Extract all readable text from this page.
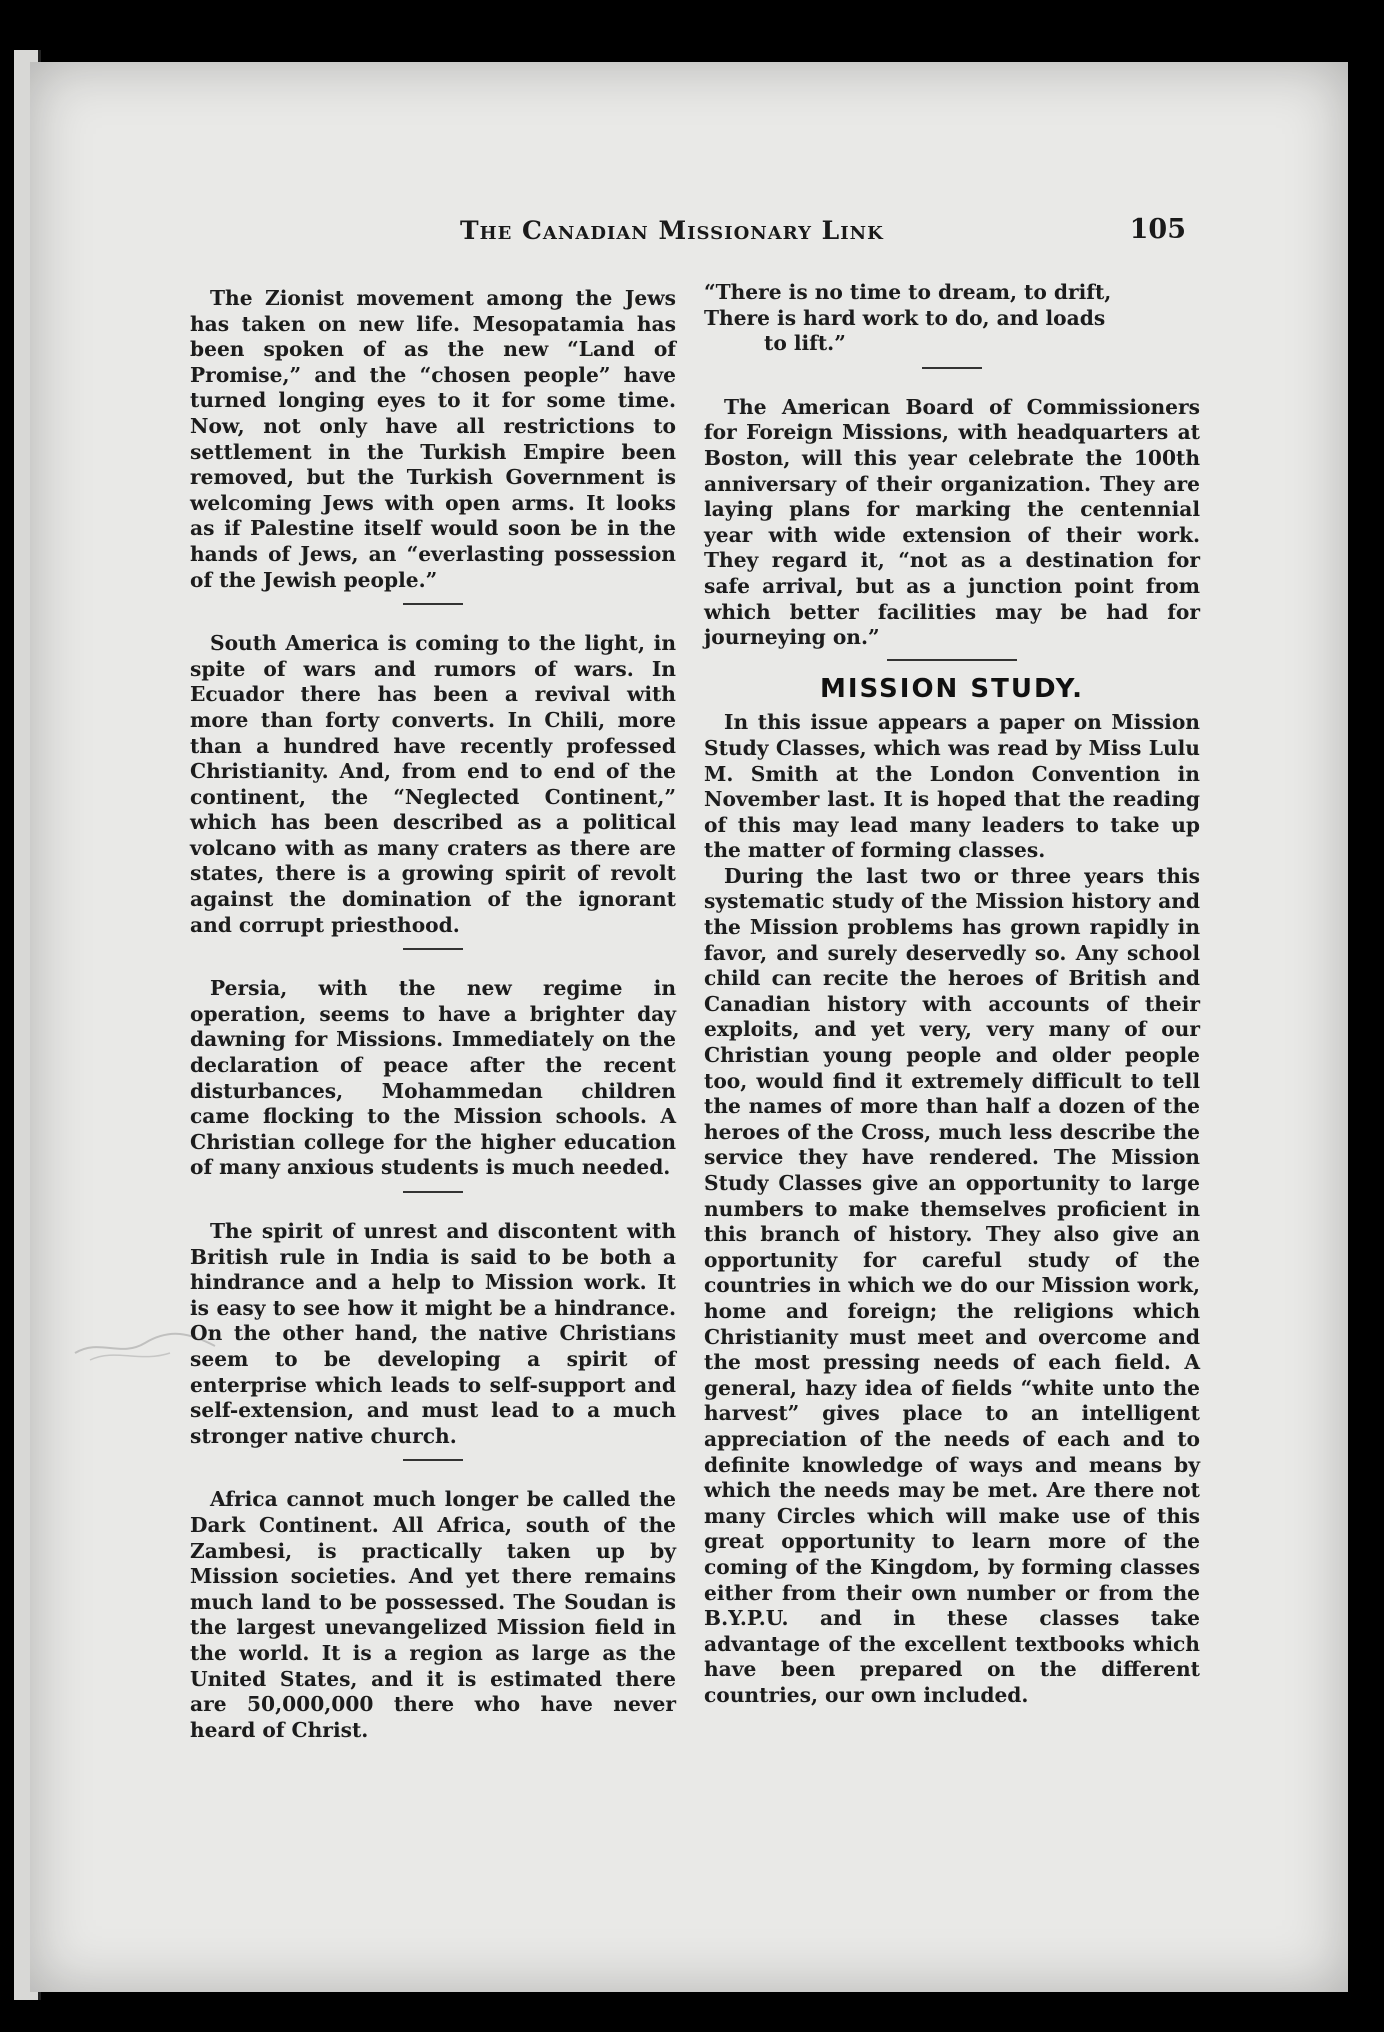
The Canadian Missionary Link	105

The Zionist movement among the Jews has taken on new life. Mesopatamia has been spoken of as the new “Land of Promise,” and the “chosen people” have turned longing eyes to it for some time. Now, not only have all restrictions to settlement in the Turkish Empire been removed, but the Turkish Government is welcoming Jews with open arms. It looks as if Palestine itself would soon be in the hands of Jews, an “everlasting possession of the Jewish people.”

South America is coming to the light, in spite of wars and rumors of wars. In Ecuador there has been a revival with more than forty converts. In Chili, more than a hundred have recently professed Christianity. And, from end to end of the continent, the “Neglected Continent,” which has been described as a political volcano with as many craters as there are states, there is a growing spirit of revolt against the domination of the ignorant and corrupt priesthood.

Persia, with the new regime in operation, seems to have a brighter day dawning for Missions. Immediately on the declaration of peace after the recent disturbances, Mohammedan children came flocking to the Mission schools. A Christian college for the higher education of many anxious students is much needed.

The spirit of unrest and discontent with British rule in India is said to be both a hindrance and a help to Mission work. It is easy to see how it might be a hindrance. On the other hand, the native Christians seem to be developing a spirit of enterprise which leads to self-support and self-extension, and must lead to a much stronger native church.

Africa cannot much longer be called the Dark Continent. All Africa, south of the Zambesi, is practically taken up by Mission societies. And yet there remains much land to be possessed. The Soudan is the largest unevangelized Mission field in the world. It is a region as large as the United States, and it is estimated there are 50,000,000 there who have never heard of Christ.

“There is no time to dream, to drift,
There is hard work to do, and loads
to lift.”

The American Board of Commissioners for Foreign Missions, with headquarters at Boston, will this year celebrate the 100th anniversary of their organization. They are laying plans for marking the centennial year with wide extension of their work. They regard it, “not as a destination for safe arrival, but as a junction point from which better facilities may be had for journeying on.”

MISSION STUDY.

In this issue appears a paper on Mission Study Classes, which was read by Miss Lulu M. Smith at the London Convention in November last. It is hoped that the reading of this may lead many leaders to take up the matter of forming classes.

During the last two or three years this systematic study of the Mission history and the Mission problems has grown rapidly in favor, and surely deservedly so. Any school child can recite the heroes of British and Canadian history with accounts of their exploits, and yet very, very many of our Christian young people and older people too, would find it extremely difficult to tell the names of more than half a dozen of the heroes of the Cross, much less describe the service they have rendered. The Mission Study Classes give an opportunity to large numbers to make themselves proficient in this branch of history. They also give an opportunity for careful study of the countries in which we do our Mission work, home and foreign; the religions which Christianity must meet and overcome and the most pressing needs of each field. A general, hazy idea of fields “white unto the harvest” gives place to an intelligent appreciation of the needs of each and to definite knowledge of ways and means by which the needs may be met. Are there not many Circles which will make use of this great opportunity to learn more of the coming of the Kingdom, by forming classes either from their own number or from the B.Y.P.U. and in these classes take advantage of the excellent textbooks which have been prepared on the different countries, our own included.
